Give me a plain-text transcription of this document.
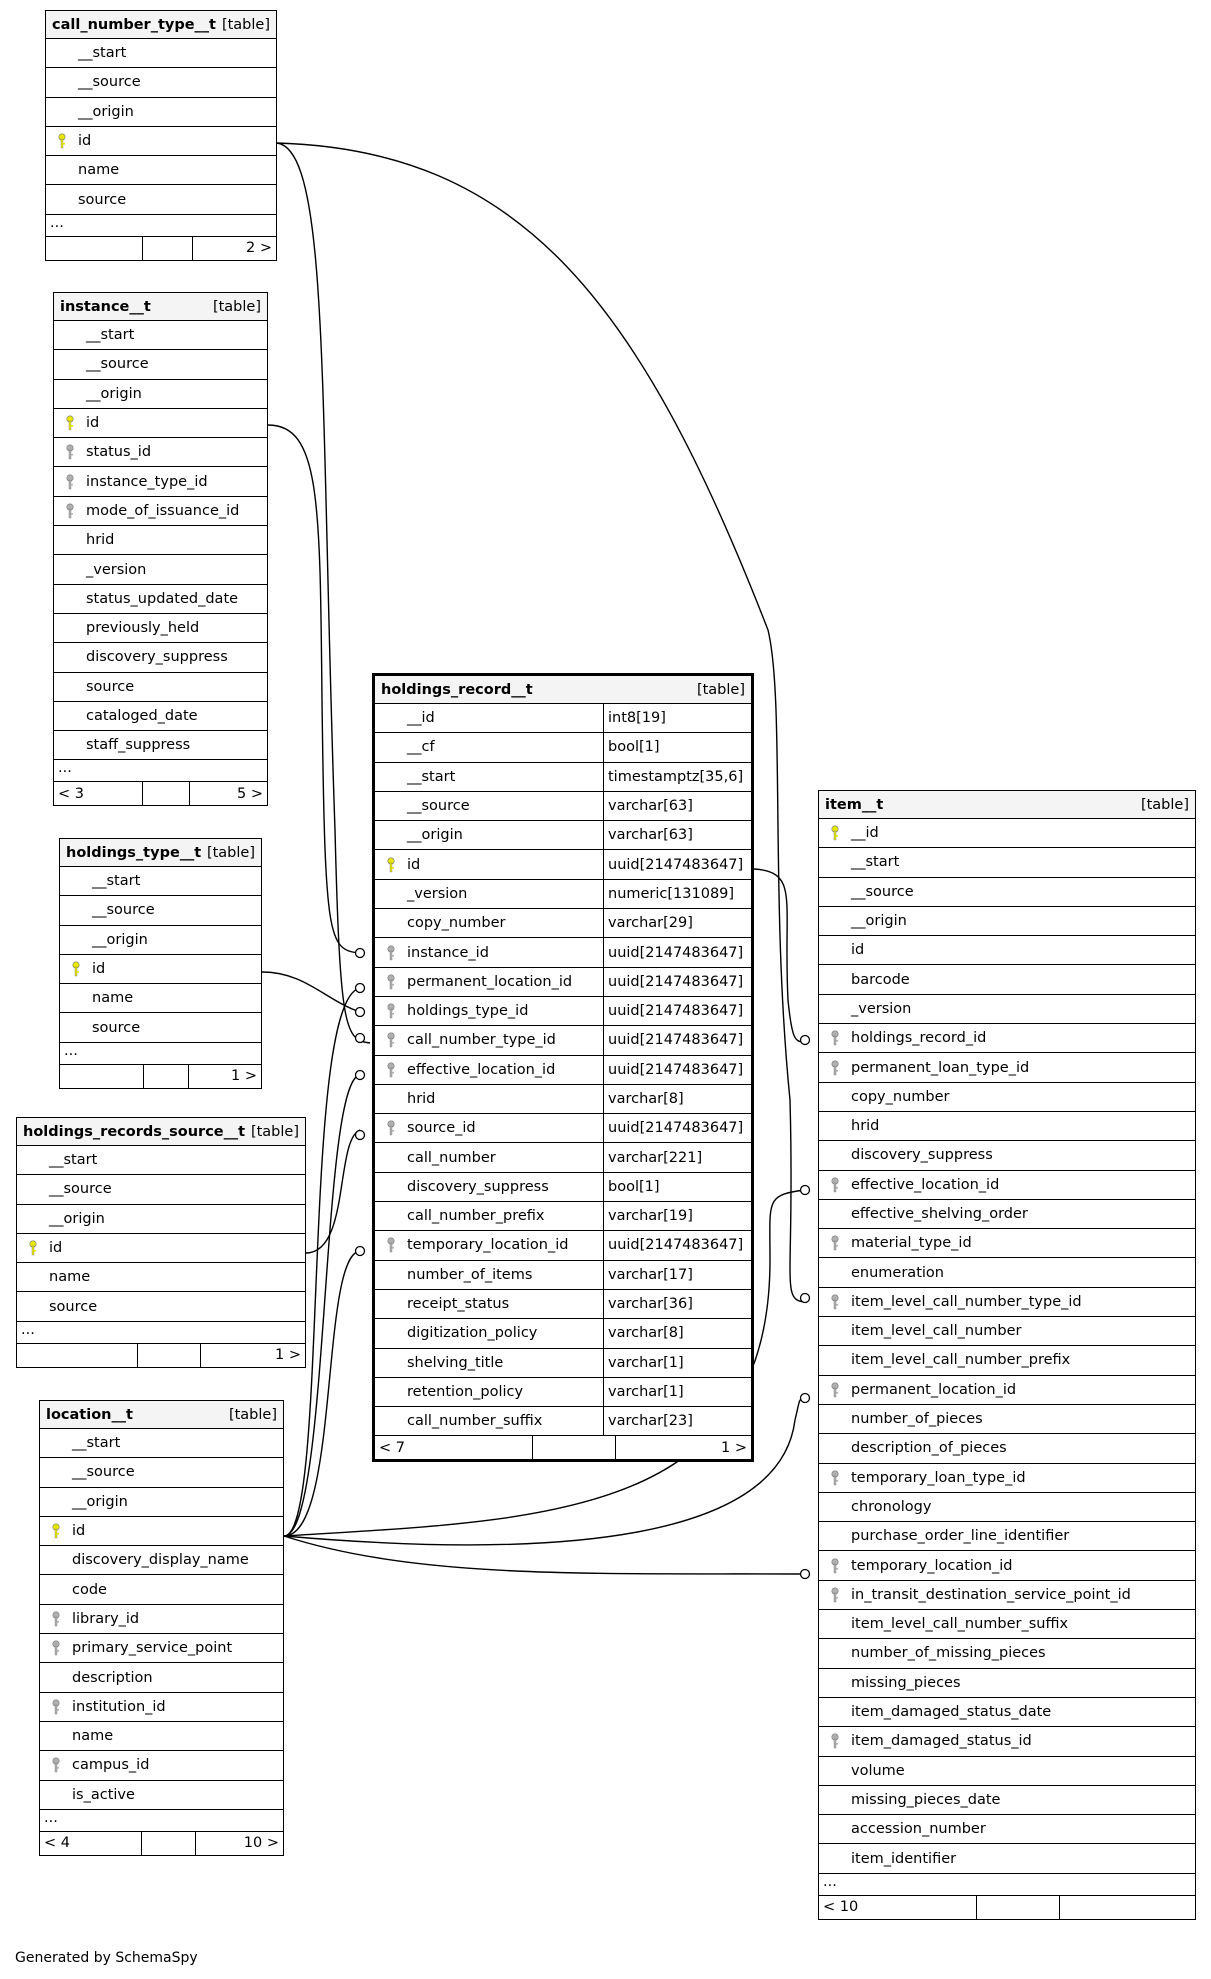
call_number_type__t [table]
__start
__source
__origin
id
name
source
...
2 >
instance__t	[table]
__start
__source
__origin
id
status_id
instance_type_id
mode_of_issuance_id
hrid
_version
status_updated_date
previously_held
discovery_suppress
source
cataloged_date
staff_suppress
...
< 3	5 >
holdings_type__t [table]
__start
__source
__origin
id
name
source
...
1 >
holdings_records_source__t [table]
__start
__source
__origin
id
name
source
...
1 >
location__t	[table]
__start
__source
__origin
id
discovery_display_name
code
library_id
primary_service_point
description
institution_id
name
campus_id
is_active
...
< 4	10 >
holdings_record__t	[table]
__id	int8[19]
__cf	bool[1]
__start	timestamptz[35,6]
__source	varchar[63]
__origin	varchar[63]
id	uuid[2147483647]
_version	numeric[131089]
copy_number	varchar[29]
instance_id	uuid[2147483647]
permanent_location_id	uuid[2147483647]
holdings_type_id	uuid[2147483647]
call_number_type_id	uuid[2147483647]
effective_location_id	uuid[2147483647]
hrid	varchar[8]
source_id	uuid[2147483647]
call_number	varchar[221]
discovery_suppress	bool[1]
call_number_prefix	varchar[19]
temporary_location_id	uuid[2147483647]
number_of_items	varchar[17]
receipt_status	varchar[36]
digitization_policy	varchar[8]
shelving_title	varchar[1]
retention_policy	varchar[1]
call_number_suffix	varchar[23]
< 7	1 >
item__t	[table]
__id
__start
__source
__origin
id
barcode
_version
holdings_record_id
permanent_loan_type_id
copy_number
hrid
discovery_suppress
effective_location_id
effective_shelving_order
material_type_id
enumeration
item_level_call_number_type_id
item_level_call_number
item_level_call_number_prefix
permanent_location_id
number_of_pieces
description_of_pieces
temporary_loan_type_id
chronology
purchase_order_line_identifier
temporary_location_id
in_transit_destination_service_point_id
item_level_call_number_suffix
number_of_missing_pieces
missing_pieces
item_damaged_status_date
item_damaged_status_id
volume
missing_pieces_date
accession_number
item_identifier
...
< 10
Generated by SchemaSpy
